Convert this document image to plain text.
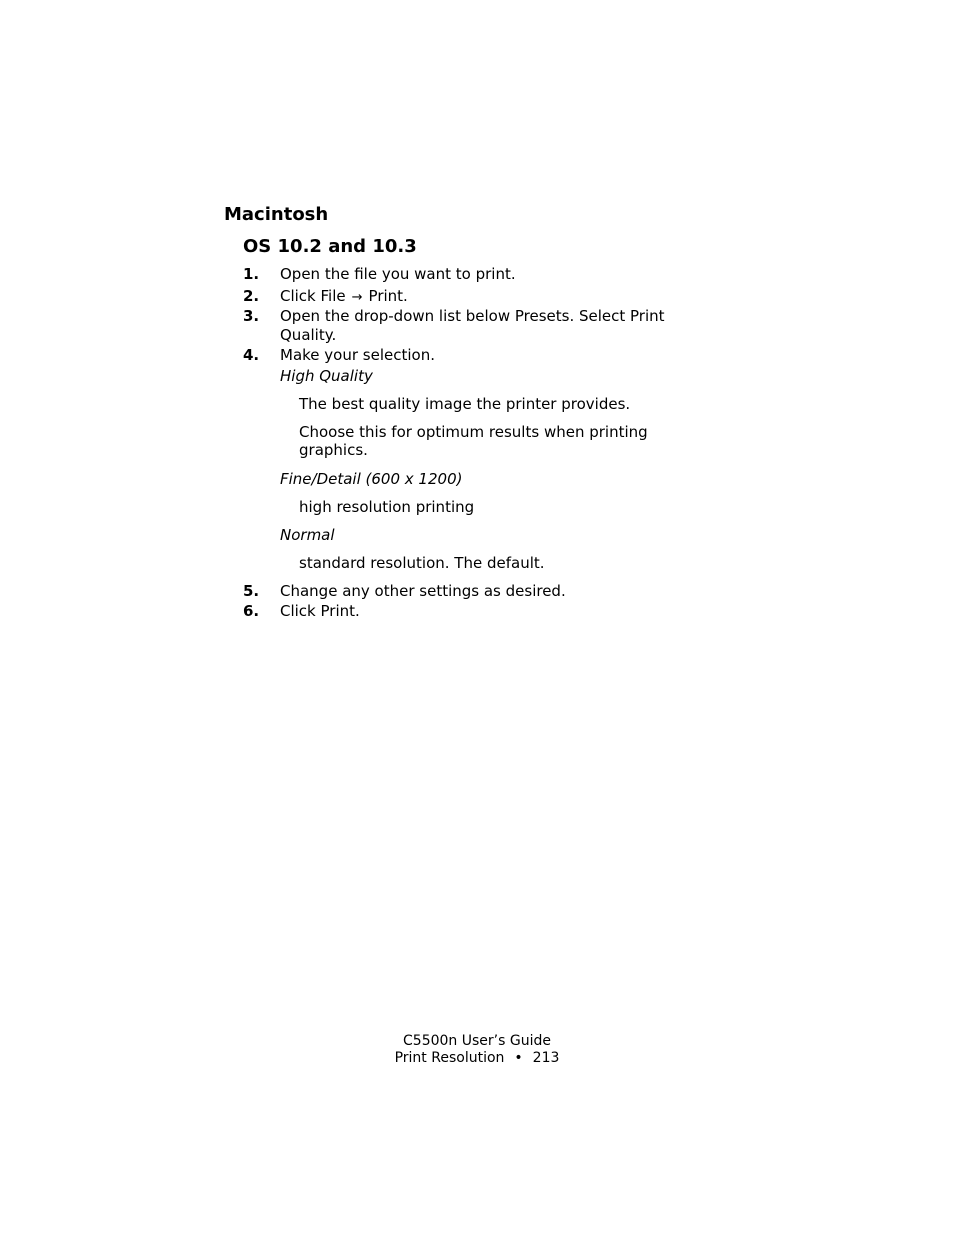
Macintosh
OS 10.2 and 10.3
1. Open the file you want to print.
2. Click File → Print.
3. Open the drop-down list below Presets. Select Print Quality.
4. Make your selection.
High Quality
The best quality image the printer provides.
Choose this for optimum results when printing graphics.
Fine/Detail (600 x 1200)
high resolution printing
Normal
standard resolution. The default.
5. Change any other settings as desired.
6. Click Print.
C5500n User’s Guide
Print Resolution • 213
